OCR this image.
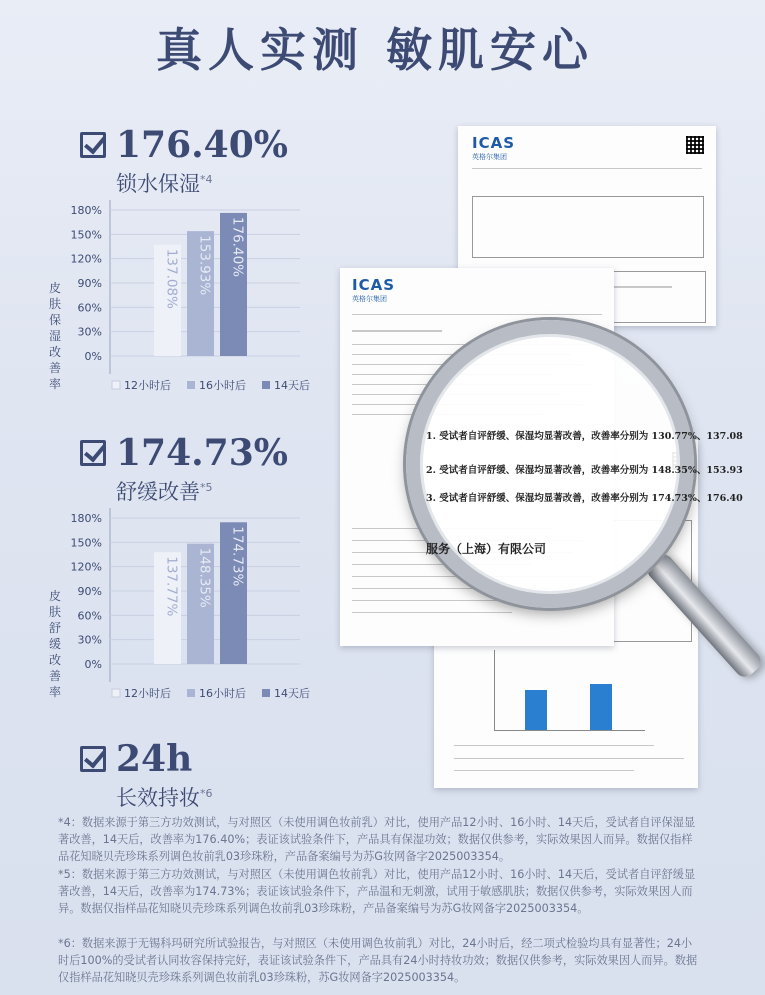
真人实测 敏肌安心
176.40%
锁水保湿$^{*4}$
皮肤保湿改善率
180%
150%
120%
90%
60%
30%
0%
137.08% 153.93% 176.40%
12小时后	16小时后	14天后
174.73%
舒缓改善$^{*5}$
皮肤舒缓改善率
180%
150%
120%
90%
60%
30%
0%
137.77% 148.35% 174.73%
12小时后	16小时后	14天后
24h
长效持妆$^{*6}$
ICAS
英格尔集团
ICAS
英格尔集团
1. 受试者自评舒缓、保湿均显著改善，改善率分别为 130.77%、137.08
2. 受试者自评舒缓、保湿均显著改善，改善率分别为 148.35%、153.93
3. 受试者自评舒缓、保湿均显著改善，改善率分别为 174.73%、176.40
服务（上海）有限公司
*4：数据来源于第三方功效测试，与对照区（未使用调色妆前乳）对比，使用产品12小时、16小时、14天后，受试者自评保湿显著改善，14天后，改善率为176.40%；表证该试验条件下，产品具有保湿功效；数据仅供参考，实际效果因人而异。数据仅指样品花知晓贝壳珍珠系列调色妆前乳03珍珠粉，产品备案编号为苏G妆网备字2025003354。
*5：数据来源于第三方功效测试，与对照区（未使用调色妆前乳）对比，使用产品12小时、16小时、14天后，受试者自评舒缓显著改善，14天后，改善率为174.73%；表证该试验条件下，产品温和无刺激，试用于敏感肌肤；数据仅供参考，实际效果因人而异。数据仅指样品花知晓贝壳珍珠系列调色妆前乳03珍珠粉，产品备案编号为苏G妆网备字2025003354。
*6：数据来源于无锡科玛研究所试验报告，与对照区（未使用调色妆前乳）对比，24小时后，经二项式检验均具有显著性；24小时后100%的受试者认同妆容保持完好，表证该试验条件下，产品具有24小时持妆功效；数据仅供参考，实际效果因人而异。数据仅指样品花知晓贝壳珍珠系列调色妆前乳03珍珠粉，苏G妆网备字2025003354。
